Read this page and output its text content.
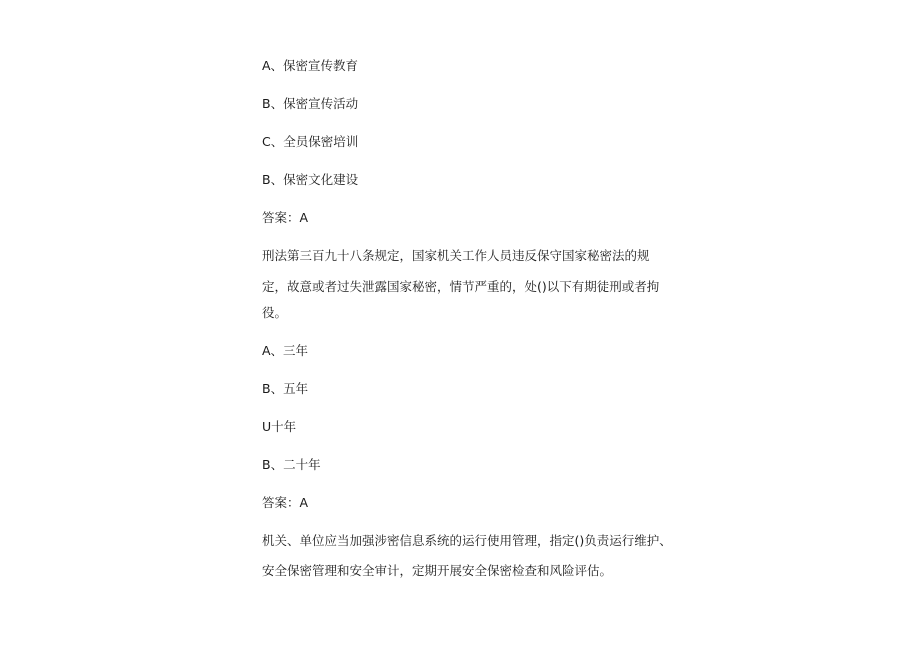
A、保密宣传教育
B、保密宣传活动
C、全员保密培训
B、保密文化建设
答案：A
刑法第三百九十八条规定，国家机关工作人员违反保守国家秘密法的规
定，故意或者过失泄露国家秘密，情节严重的，处()以下有期徒刑或者拘
役。
A、三年
B、五年
U十年
B、二十年
答案：A
机关、单位应当加强涉密信息系统的运行使用管理，指定()负责运行维护、
安全保密管理和安全审计，定期开展安全保密检查和风险评估。
